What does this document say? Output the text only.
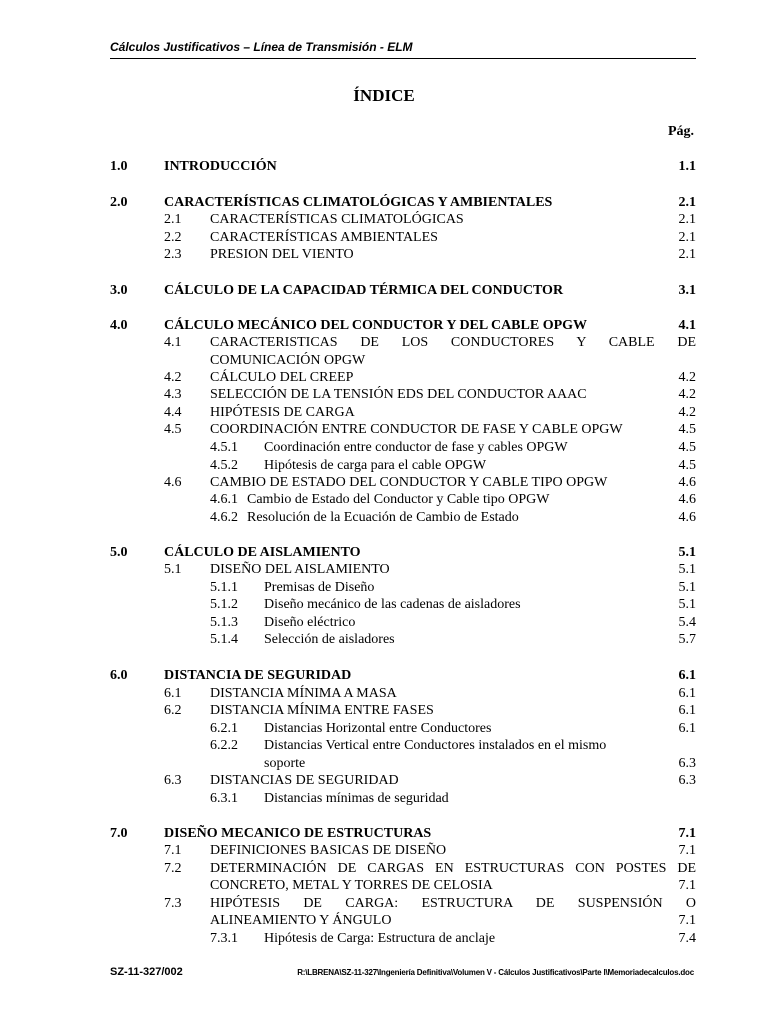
Cálculos Justificativos – Línea de Transmisión - ELM
ÍNDICE
Pág.
1.0	INTRODUCCIÓN	1.1
2.0	CARACTERÍSTICAS CLIMATOLÓGICAS Y AMBIENTALES	2.1
2.1 CARACTERÍSTICAS CLIMATOLÓGICAS	2.1
2.2 CARACTERÍSTICAS AMBIENTALES	2.1
2.3 PRESION DEL VIENTO	2.1
3.0	CÁLCULO DE LA CAPACIDAD TÉRMICA DEL CONDUCTOR	3.1
4.0	CÁLCULO MECÁNICO DEL CONDUCTOR Y DEL CABLE OPGW	4.1
4.1 CARACTERISTICAS DE LOS CONDUCTORES Y CABLE DE
COMUNICACIÓN OPGW
4.2 CÁLCULO DEL CREEP	4.2
4.3 SELECCIÓN DE LA TENSIÓN EDS DEL CONDUCTOR AAAC	4.2
4.4 HIPÓTESIS DE CARGA	4.2
4.5 COORDINACIÓN ENTRE CONDUCTOR DE FASE Y CABLE OPGW	4.5
4.5.1 Coordinación entre conductor de fase y cables OPGW	4.5
4.5.2 Hipótesis de carga para el cable OPGW	4.5
4.6 CAMBIO DE ESTADO DEL CONDUCTOR Y CABLE TIPO OPGW	4.6
4.6.1 Cambio de Estado del Conductor y Cable tipo OPGW	4.6
4.6.2 Resolución de la Ecuación de Cambio de Estado	4.6
5.0	CÁLCULO DE AISLAMIENTO	5.1
5.1 DISEÑO DEL AISLAMIENTO	5.1
5.1.1 Premisas de Diseño	5.1
5.1.2 Diseño mecánico de las cadenas de aisladores	5.1
5.1.3 Diseño eléctrico	5.4
5.1.4 Selección de aisladores	5.7
6.0	DISTANCIA DE SEGURIDAD	6.1
6.1 DISTANCIA MÍNIMA A MASA	6.1
6.2 DISTANCIA MÍNIMA ENTRE FASES	6.1
6.2.1 Distancias Horizontal entre Conductores	6.1
6.2.2 Distancias Vertical entre Conductores instalados en el mismo
soporte	6.3
6.3 DISTANCIAS DE SEGURIDAD	6.3
6.3.1 Distancias mínimas de seguridad
7.0	DISEÑO MECANICO DE ESTRUCTURAS	7.1
7.1 DEFINICIONES BASICAS DE DISEÑO	7.1
7.2 DETERMINACIÓN DE CARGAS EN ESTRUCTURAS CON POSTES DE
CONCRETO, METAL Y TORRES DE CELOSIA	7.1
7.3 HIPÓTESIS DE CARGA: ESTRUCTURA DE SUSPENSIÓN O
ALINEAMIENTO Y ÁNGULO	7.1
7.3.1 Hipótesis de Carga: Estructura de anclaje	7.4
SZ-11-327/002	R:\LBRENA\SZ-11-327\Ingeniería Definitiva\Volumen V - Cálculos Justificativos\Parte I\Memoriadecalculos.doc
